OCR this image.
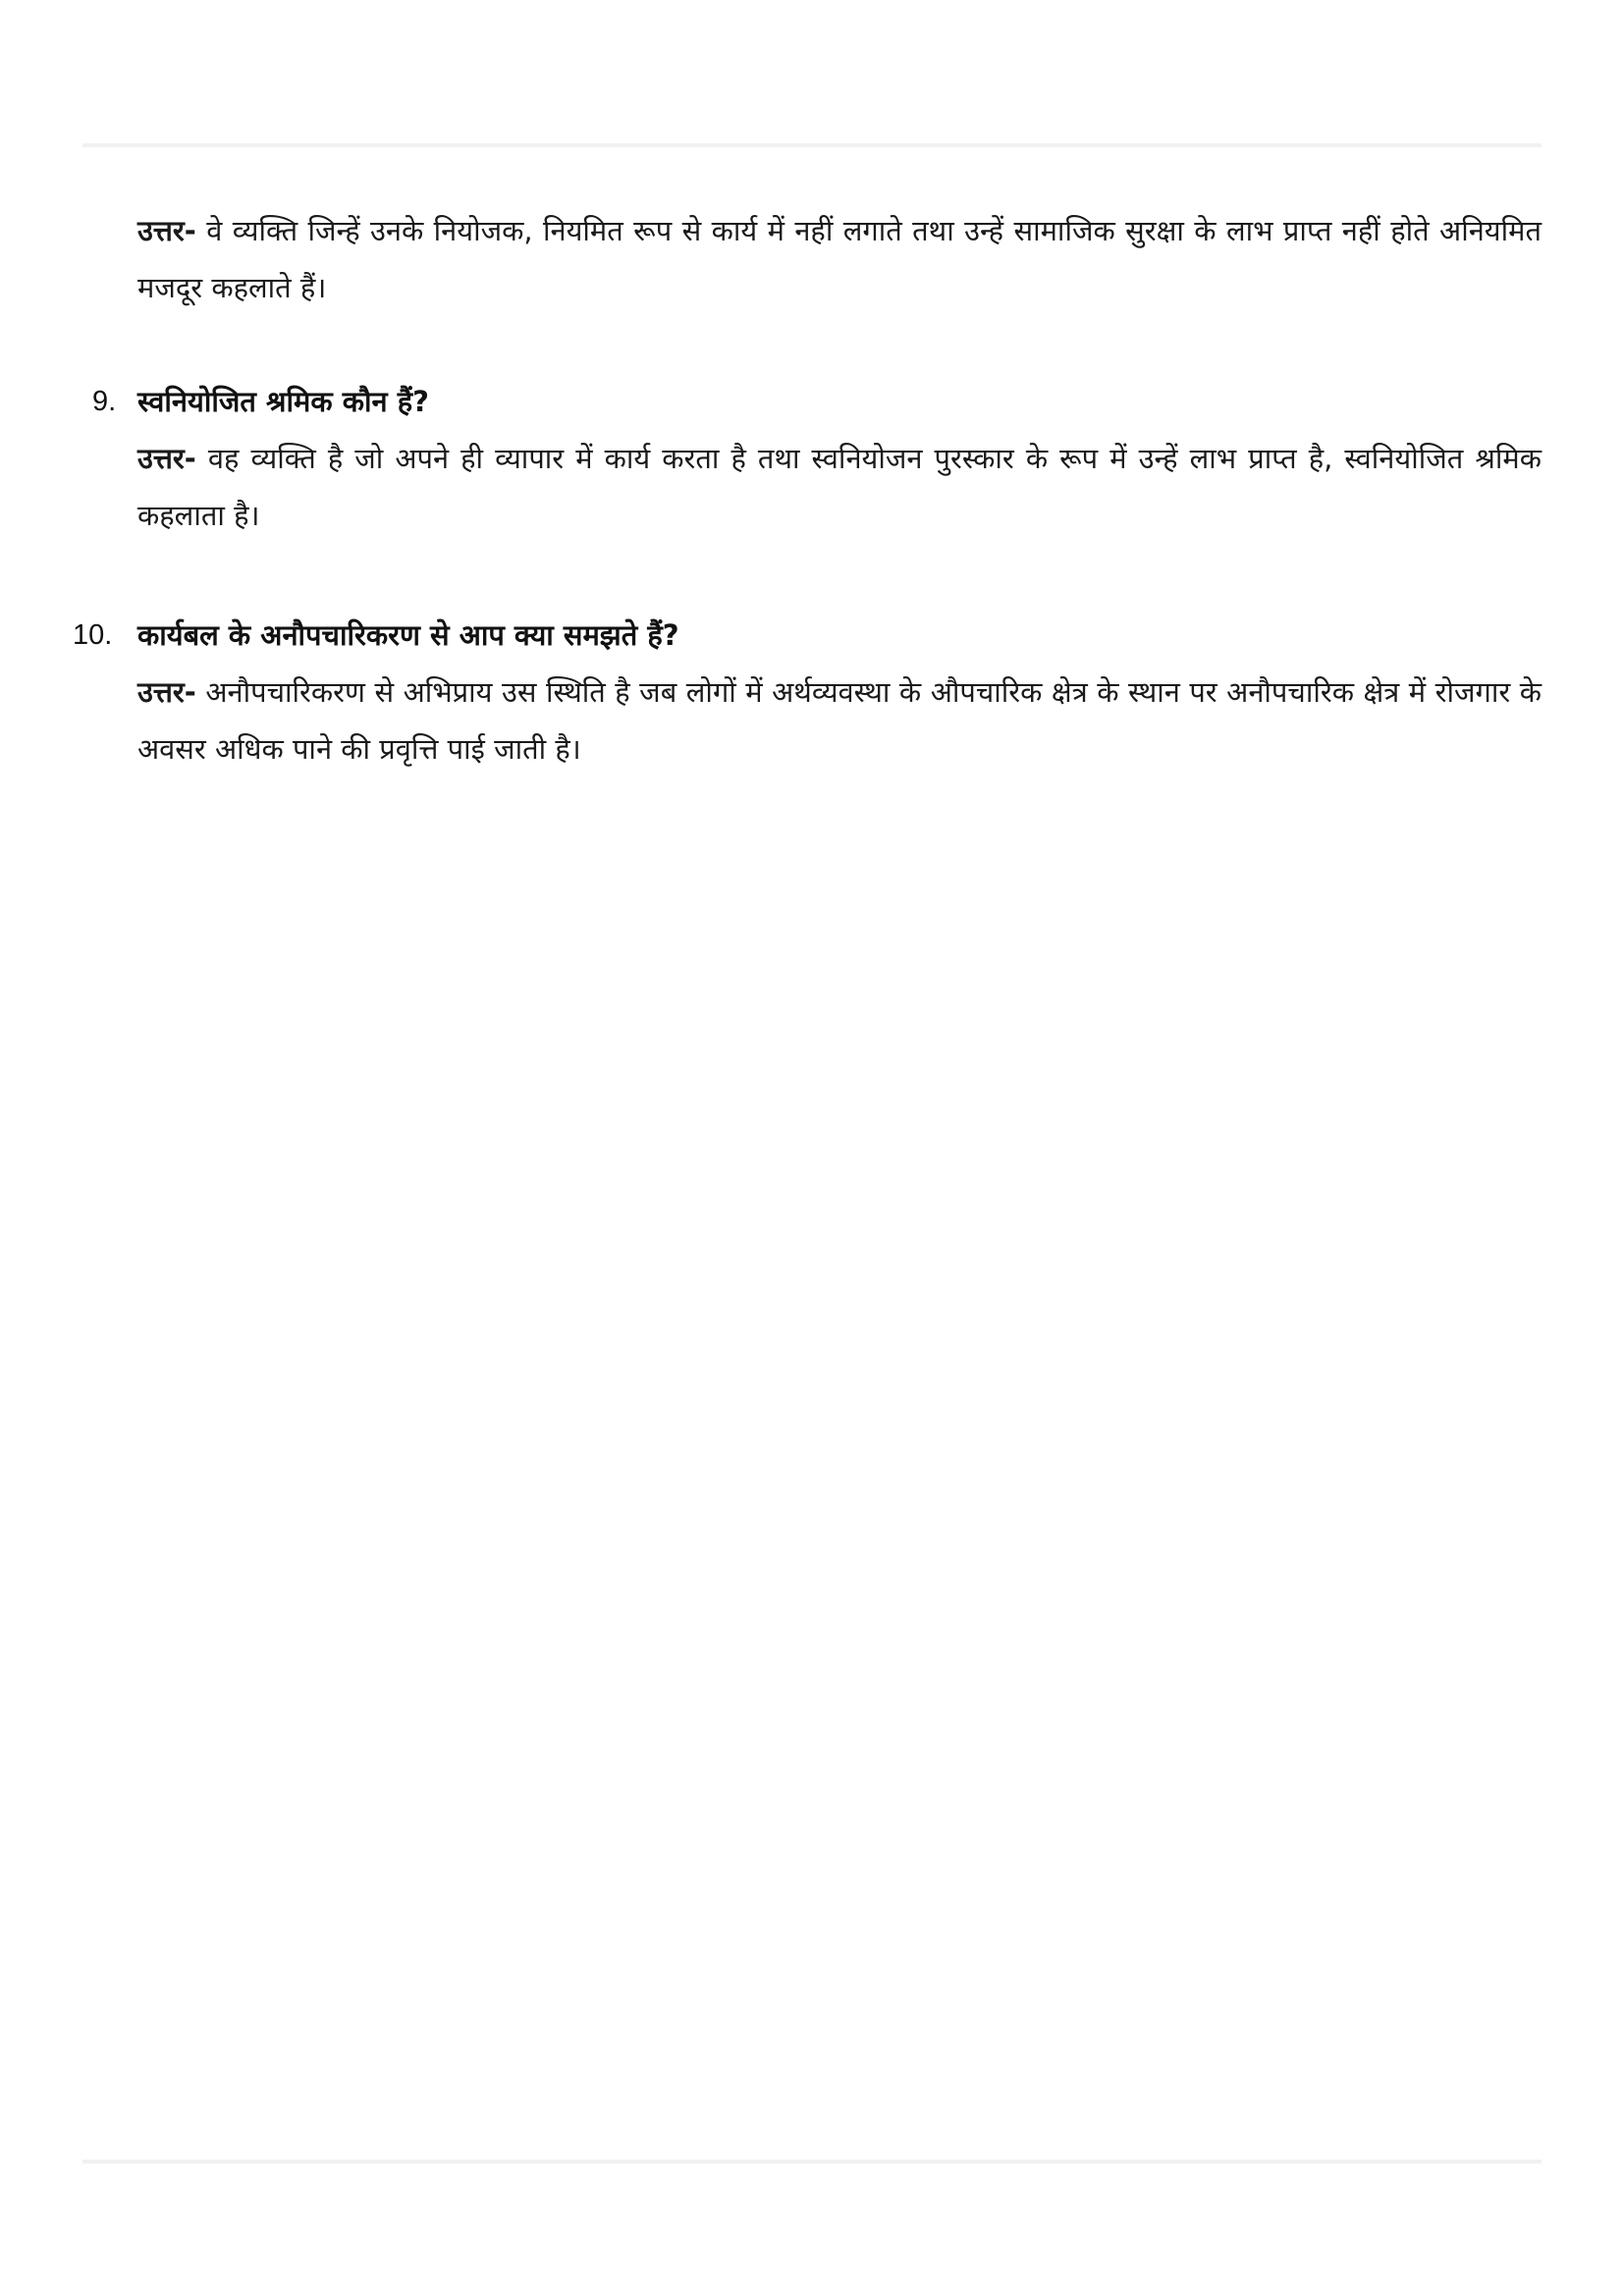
उत्तर- वे व्यक्ति जिन्हें उनके नियोजक, नियमित रूप से कार्य में नहीं लगाते तथा उन्हें सामाजिक सुरक्षा के लाभ प्राप्त नहीं होते अनियमित मजदूर कहलाते हैं।

9. स्वनियोजित श्रमिक कौन हैं?

उत्तर- वह व्यक्ति है जो अपने ही व्यापार में कार्य करता है तथा स्वनियोजन पुरस्कार के रूप में उन्हें लाभ प्राप्त है, स्वनियोजित श्रमिक कहलाता है।

10. कार्यबल के अनौपचारिकरण से आप क्या समझते हैं?

उत्तर- अनौपचारिकरण से अभिप्राय उस स्थिति है जब लोगों में अर्थव्यवस्था के औपचारिक क्षेत्र के स्थान पर अनौपचारिक क्षेत्र में रोजगार के अवसर अधिक पाने की प्रवृत्ति पाई जाती है।
